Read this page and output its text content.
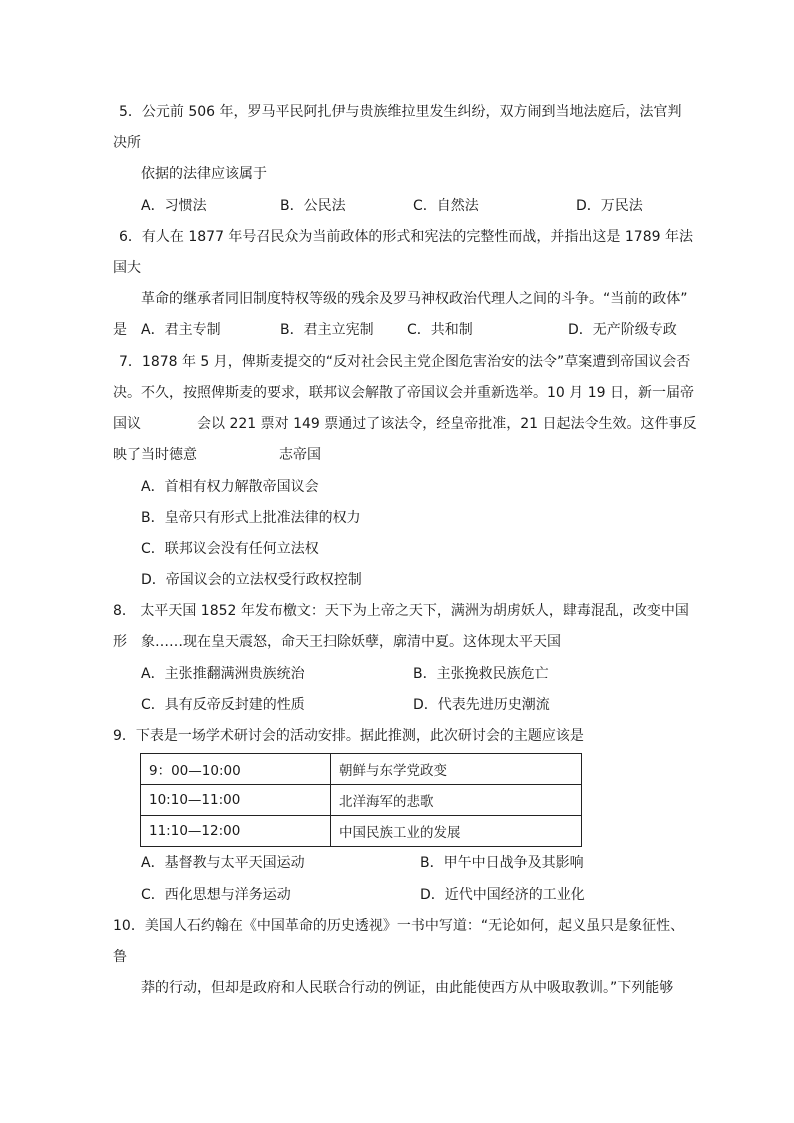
5．公元前 506 年，罗马平民阿扎伊与贵族维拉里发生纠纷，双方闹到当地法庭后，法官判
决所
依据的法律应该属于
A．习惯法	B．公民法	C．自然法	D．万民法
6．有人在 1877 年号召民众为当前政体的形式和宪法的完整性而战，并指出这是 1789 年法
国大
革命的继承者同旧制度特权等级的残余及罗马神权政治代理人之间的斗争。“当前的政体”
是 A．君主专制	B．君主立宪制 C．共和制	D．无产阶级专政
7．1878 年 5 月，俾斯麦提交的“反对社会民主党企图危害治安的法令”草案遭到帝国议会否
决。不久，按照俾斯麦的要求，联邦议会解散了帝国议会并重新选举。10 月 19 日，新一届帝
国议	会以 221 票对 149 票通过了该法令，经皇帝批准，21 日起法令生效。这件事反
映了当时德意	志帝国
A．首相有权力解散帝国议会
B．皇帝只有形式上批准法律的权力
C．联邦议会没有任何立法权
D．帝国议会的立法权受行政权控制
8． 太平天国 1852 年发布檄文：天下为上帝之天下，满洲为胡虏妖人，肆毒混乱，改变中国
形 象……现在皇天震怒，命天王扫除妖孽，廓清中夏。这体现太平天国
A．主张推翻满洲贵族统治	B．主张挽救民族危亡
C．具有反帝反封建的性质	D．代表先进历史潮流
9．下表是一场学术研讨会的活动安排。据此推测，此次研讨会的主题应该是
9：00—10:00	朝鲜与东学党政变
10:10—11:00	北洋海军的悲歌
11:10—12:00	中国民族工业的发展
A．基督教与太平天国运动	B．甲午中日战争及其影响
C．西化思想与洋务运动	D．近代中国经济的工业化
10．美国人石约翰在《中国革命的历史透视》一书中写道：“无论如何，起义虽只是象征性、
鲁
莽的行动，但却是政府和人民联合行动的例证，由此能使西方从中吸取教训。”下列能够
